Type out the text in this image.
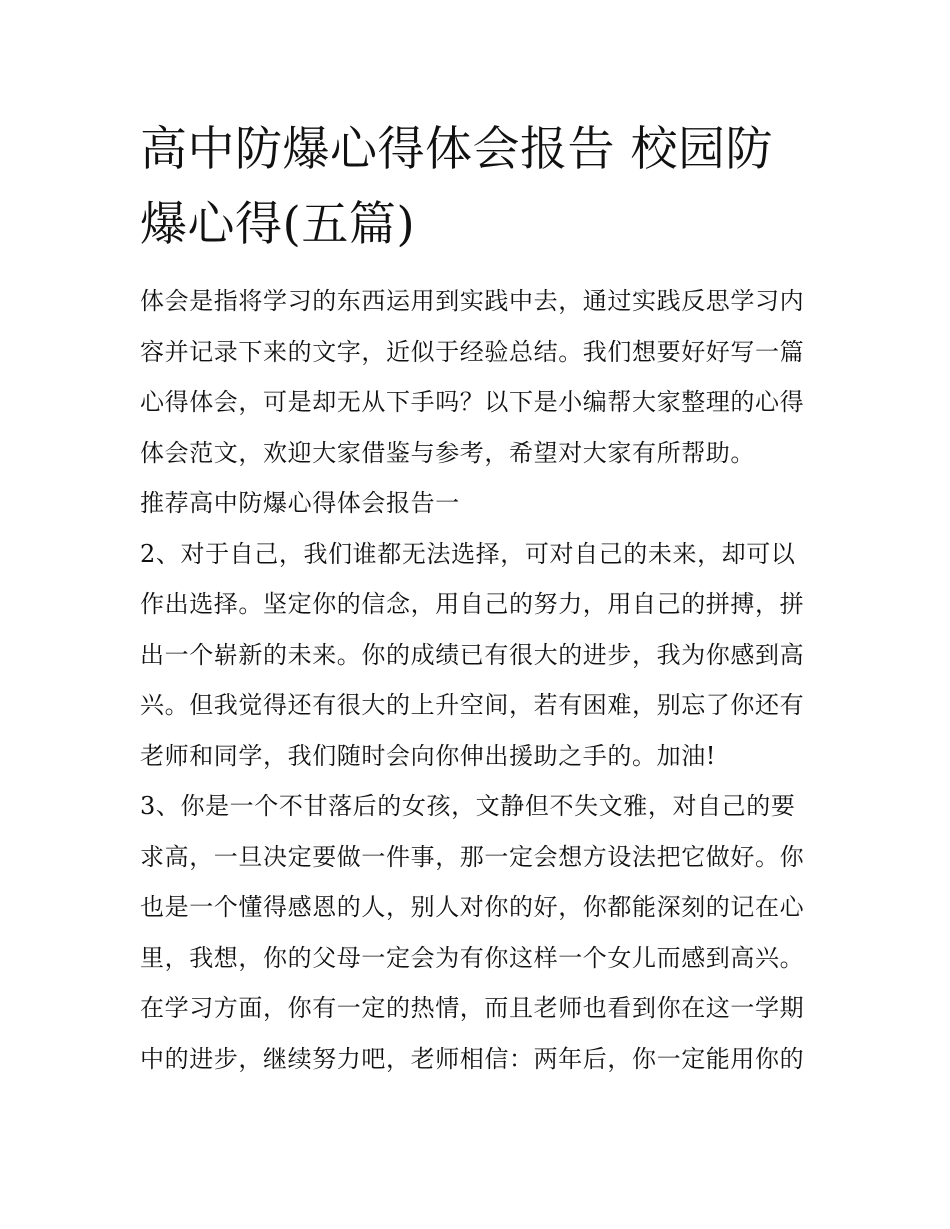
高中防爆心得体会报告 校园防
爆心得(五篇)
体会是指将学习的东西运用到实践中去，通过实践反思学习内
容并记录下来的文字，近似于经验总结。我们想要好好写一篇
心得体会，可是却无从下手吗？以下是小编帮大家整理的心得
体会范文，欢迎大家借鉴与参考，希望对大家有所帮助。
推荐高中防爆心得体会报告一
2、对于自己，我们谁都无法选择，可对自己的未来，却可以
作出选择。坚定你的信念，用自己的努力，用自己的拼搏，拼
出一个崭新的未来。你的成绩已有很大的进步，我为你感到高
兴。但我觉得还有很大的上升空间，若有困难，别忘了你还有
老师和同学，我们随时会向你伸出援助之手的。加油!
3、你是一个不甘落后的女孩，文静但不失文雅，对自己的要
求高，一旦决定要做一件事，那一定会想方设法把它做好。你
也是一个懂得感恩的人，别人对你的好，你都能深刻的记在心
里，我想，你的父母一定会为有你这样一个女儿而感到高兴。
在学习方面，你有一定的热情，而且老师也看到你在这一学期
中的进步，继续努力吧，老师相信：两年后，你一定能用你的
